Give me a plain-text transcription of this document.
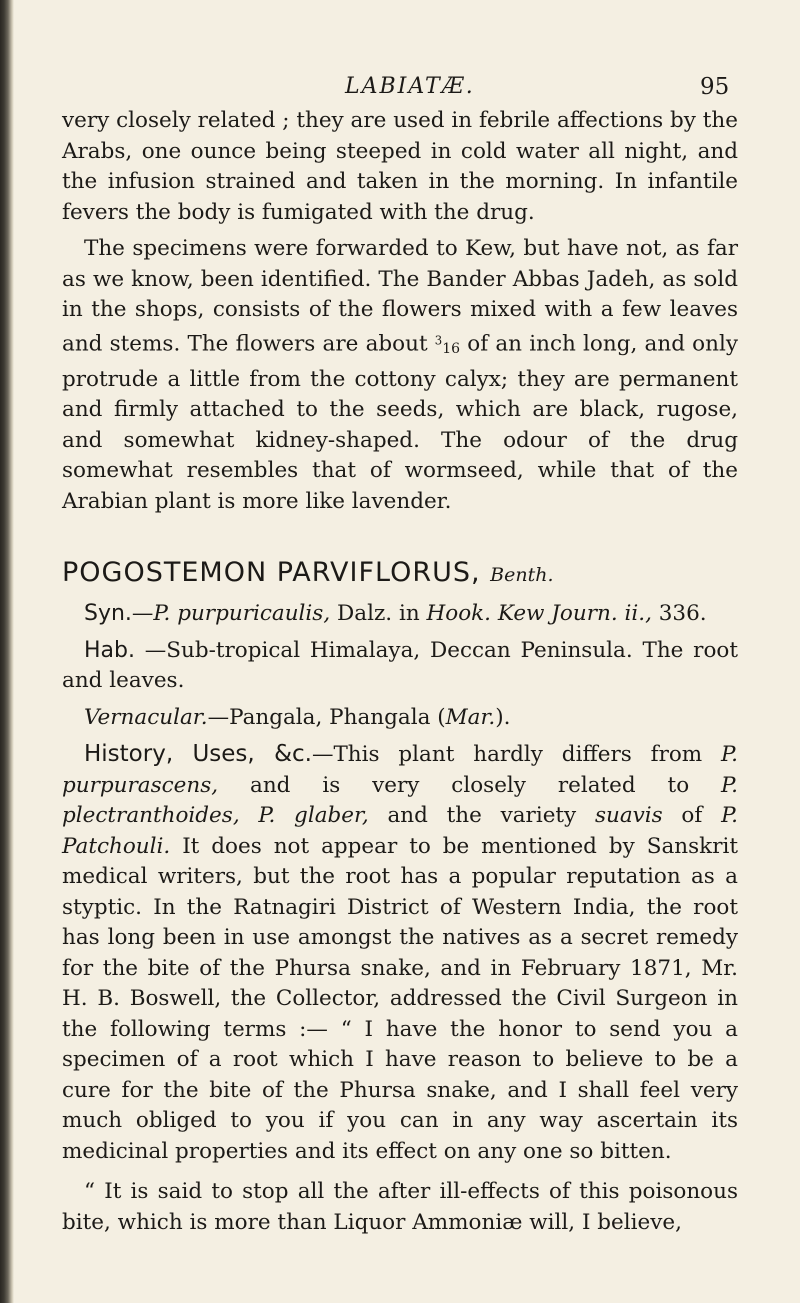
LABIATÆ.	95

very closely related ; they are used in febrile affections by the Arabs, one ounce being steeped in cold water all night, and the infusion strained and taken in the morning. In infantile fevers the body is fumigated with the drug.

The specimens were forwarded to Kew, but have not, as far as we know, been identified. The Bander Abbas Jadeh, as sold in the shops, consists of the flowers mixed with a few leaves and stems. The flowers are about $^3$16 of an inch long, and only protrude a little from the cottony calyx; they are permanent and firmly attached to the seeds, which are black, rugose, and somewhat kidney-shaped. The odour of the drug somewhat resembles that of wormseed, while that of the Arabian plant is more like lavender.

POGOSTEMON PARVIFLORUS, Benth.

Syn.—P. purpuricaulis, Dalz. in Hook. Kew Journ. ii., 336.

Hab. —Sub-tropical Himalaya, Deccan Peninsula. The root and leaves.

Vernacular.—Pangala, Phangala (Mar.).

History, Uses, &c.—This plant hardly differs from P. purpurascens, and is very closely related to P. plectranthoides, P. glaber, and the variety suavis of P. Patchouli. It does not appear to be mentioned by Sanskrit medical writers, but the root has a popular reputation as a styptic. In the Ratnagiri District of Western India, the root has long been in use amongst the natives as a secret remedy for the bite of the Phursa snake, and in February 1871, Mr. H. B. Boswell, the Collector, addressed the Civil Surgeon in the following terms :— “ I have the honor to send you a specimen of a root which I have reason to believe to be a cure for the bite of the Phursa snake, and I shall feel very much obliged to you if you can in any way ascertain its medicinal properties and its effect on any one so bitten.

“ It is said to stop all the after ill-effects of this poisonous bite, which is more than Liquor Ammoniæ will, I believe,
